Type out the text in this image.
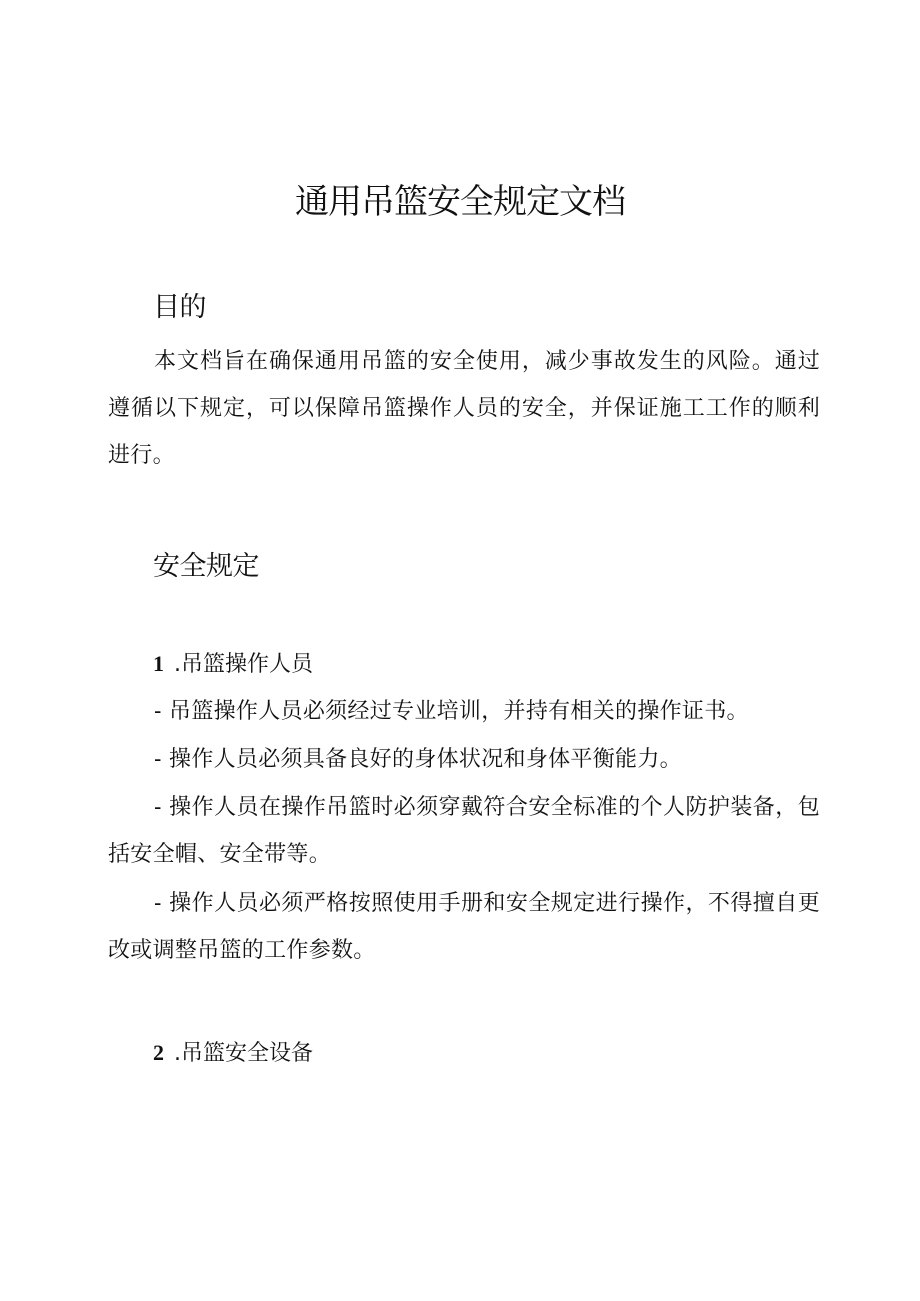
通用吊篮安全规定文档
目的

本文档旨在确保通用吊篮的安全使用，减少事故发生的风险。通过遵循以下规定，可以保障吊篮操作人员的安全，并保证施工工作的顺利进行。

安全规定
1 .吊篮操作人员

- 吊篮操作人员必须经过专业培训，并持有相关的操作证书。

- 操作人员必须具备良好的身体状况和身体平衡能力。

- 操作人员在操作吊篮时必须穿戴符合安全标准的个人防护装备，包括安全帽、安全带等。

- 操作人员必须严格按照使用手册和安全规定进行操作，不得擅自更改或调整吊篮的工作参数。

2 .吊篮安全设备
